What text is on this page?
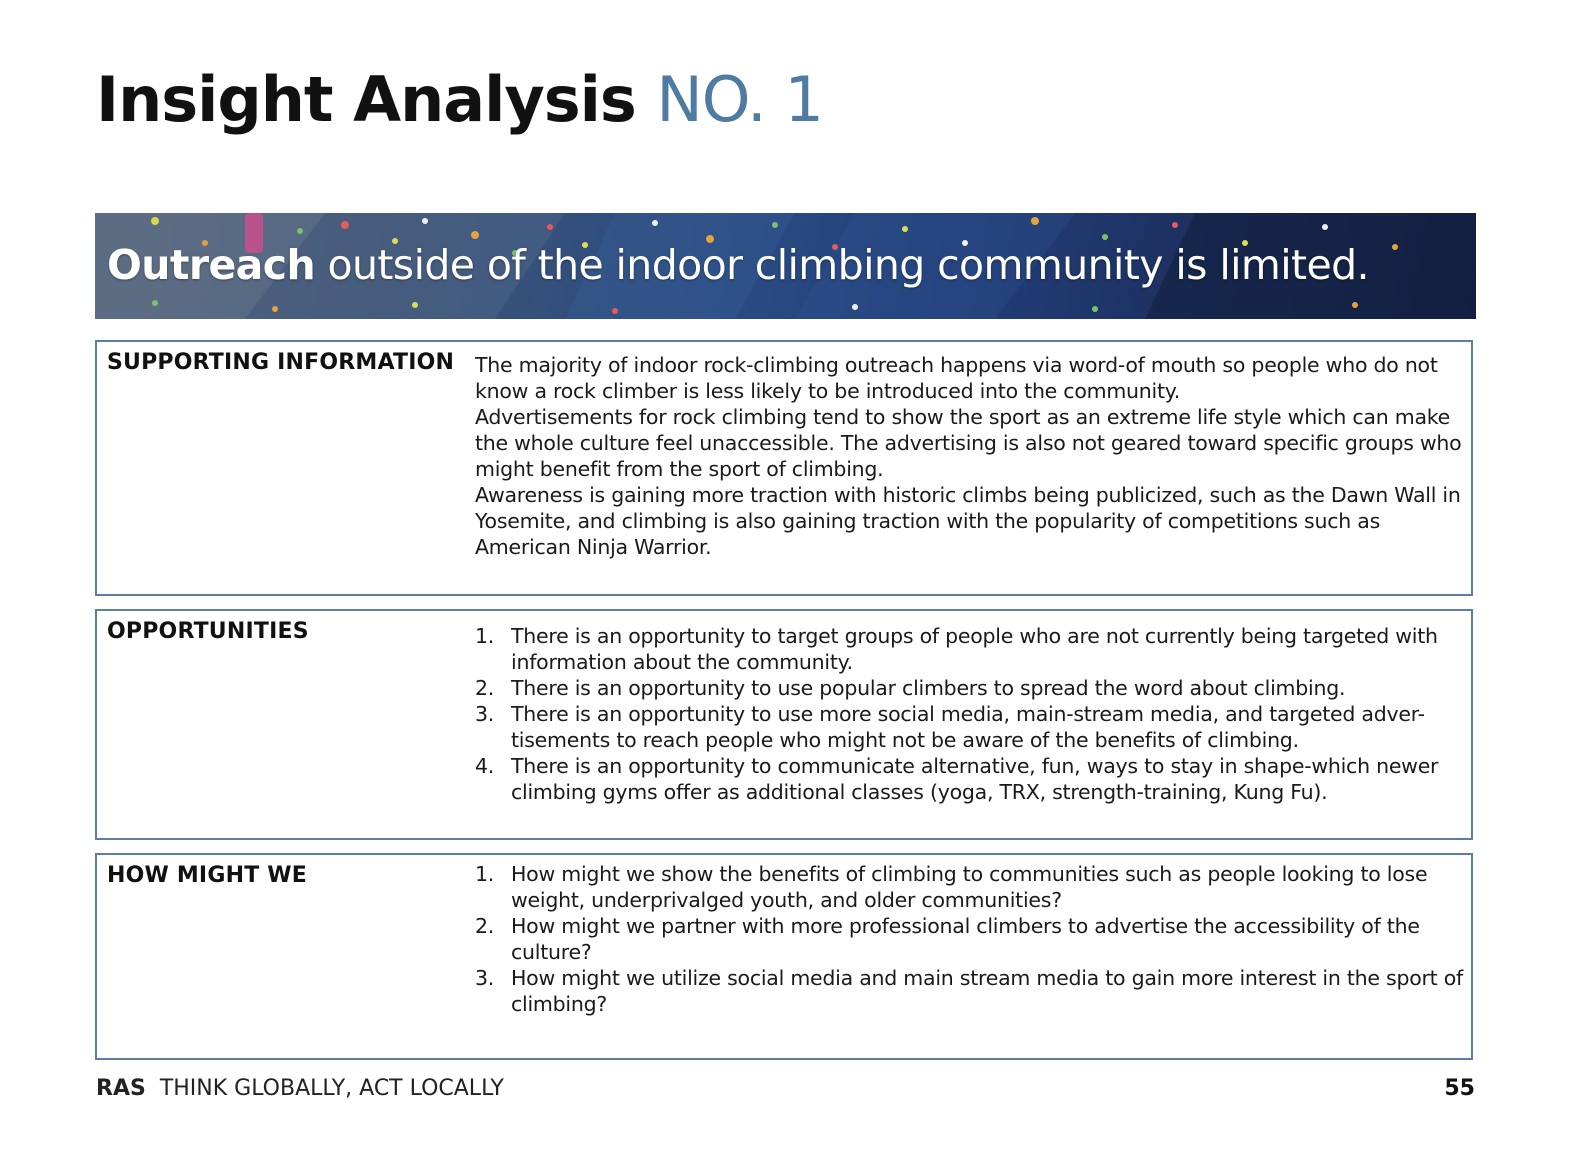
Insight Analysis NO. 1

Outreach outside of the indoor climbing community is limited.

SUPPORTING INFORMATION The majority of indoor rock-climbing outreach happens via word-of mouth so people who do not know a rock climber is less likely to be introduced into the community.

Advertisements for rock climbing tend to show the sport as an extreme life style which can make the whole culture feel unaccessible. The advertising is also not geared toward specific groups who might benefit from the sport of climbing.

Awareness is gaining more traction with historic climbs being publicized, such as the Dawn Wall in Yosemite, and climbing is also gaining traction with the popularity of competitions such as American Ninja Warrior.

OPPORTUNITIES	1. There is an opportunity to target groups of people who are not currently being targeted with information about the community.
2. There is an opportunity to use popular climbers to spread the word about climbing.
3. There is an opportunity to use more social media, main-stream media, and targeted adver-tisements to reach people who might not be aware of the benefits of climbing.
4. There is an opportunity to communicate alternative, fun, ways to stay in shape-which newer climbing gyms offer as additional classes (yoga, TRX, strength-training, Kung Fu).
HOW MIGHT WE	1. How might we show the benefits of climbing to communities such as people looking to lose weight, underprivalged youth, and older communities?
2. How might we partner with more professional climbers to advertise the accessibility of the culture?
3. How might we utilize social media and main stream media to gain more interest in the sport of climbing?
RAS THINK GLOBALLY, ACT LOCALLY	55
